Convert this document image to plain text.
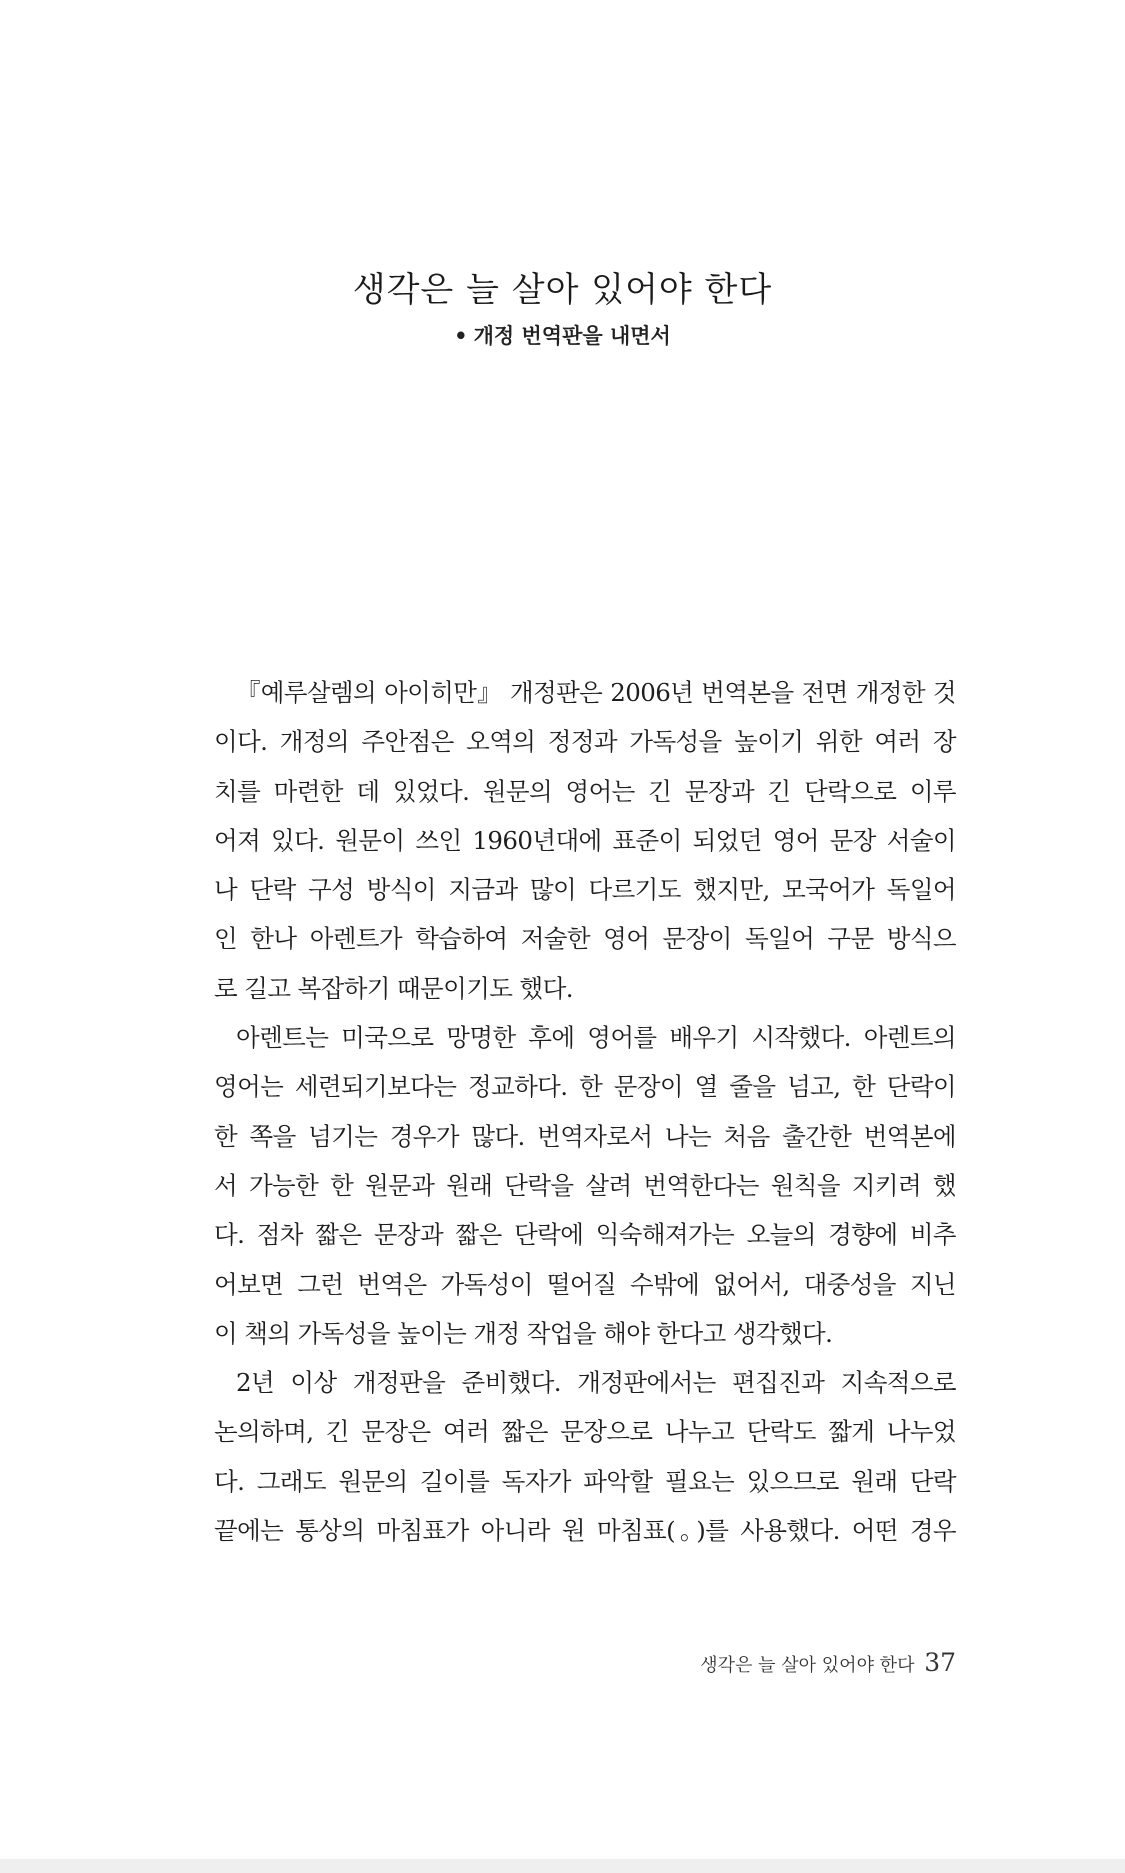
생각은 늘 살아 있어야 한다
• 개정 번역판을 내면서
『예루살렘의 아이히만』 개정판은 2006년 번역본을 전면 개정한 것
이다. 개정의 주안점은 오역의 정정과 가독성을 높이기 위한 여러 장
치를 마련한 데 있었다. 원문의 영어는 긴 문장과 긴 단락으로 이루
어져 있다. 원문이 쓰인 1960년대에 표준이 되었던 영어 문장 서술이
나 단락 구성 방식이 지금과 많이 다르기도 했지만, 모국어가 독일어
인 한나 아렌트가 학습하여 저술한 영어 문장이 독일어 구문 방식으
로 길고 복잡하기 때문이기도 했다.
아렌트는 미국으로 망명한 후에 영어를 배우기 시작했다. 아렌트의
영어는 세련되기보다는 정교하다. 한 문장이 열 줄을 넘고, 한 단락이
한 쪽을 넘기는 경우가 많다. 번역자로서 나는 처음 출간한 번역본에
서 가능한 한 원문과 원래 단락을 살려 번역한다는 원칙을 지키려 했
다. 점차 짧은 문장과 짧은 단락에 익숙해져가는 오늘의 경향에 비추
어보면 그런 번역은 가독성이 떨어질 수밖에 없어서, 대중성을 지닌
이 책의 가독성을 높이는 개정 작업을 해야 한다고 생각했다.
2년 이상 개정판을 준비했다. 개정판에서는 편집진과 지속적으로
논의하며, 긴 문장은 여러 짧은 문장으로 나누고 단락도 짧게 나누었
다. 그래도 원문의 길이를 독자가 파악할 필요는 있으므로 원래 단락
끝에는 통상의 마침표가 아니라 원 마침표(。)를 사용했다. 어떤 경우
생각은 늘 살아 있어야 한다 37
